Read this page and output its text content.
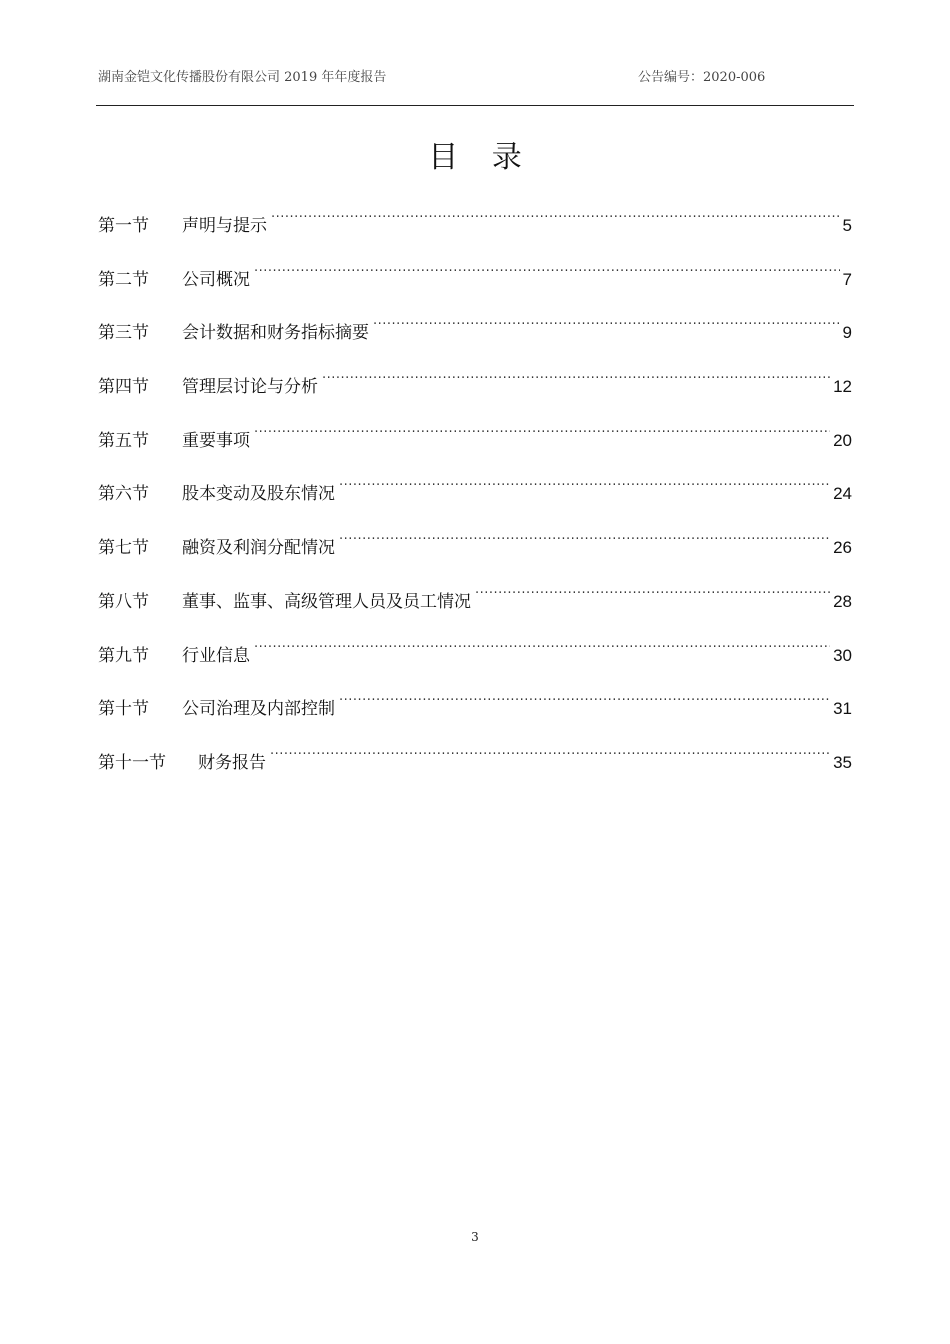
湖南金铠文化传播股份有限公司 2019 年年度报告	公告编号：2020-006
目 录
第一节	声明与提示 .....	5
第二节	公司概况 .....	7
第三节	会计数据和财务指标摘要 .....	9
第四节	管理层讨论与分析 .....	12
第五节	重要事项 .....	20
第六节	股本变动及股东情况 .....	24
第七节	融资及利润分配情况 .....	26
第八节	董事、监事、高级管理人员及员工情况 .....	28
第九节	行业信息 .....	30
第十节	公司治理及内部控制 .....	31
第十一节	财务报告 .....	35
3
